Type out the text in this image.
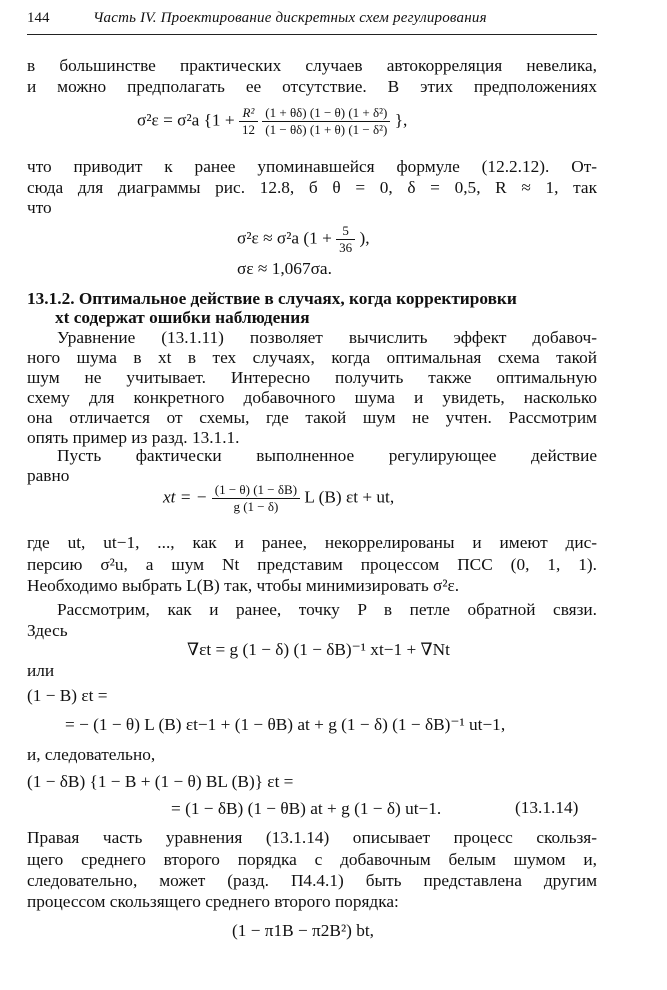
144	Часть IV. Проектирование дискретных схем регулирования
в большинстве практических случаев автокорреляция невелика,
и можно предполагать ее отсутствие. В этих предположениях
σ²ε = σ²a {$1 + \frac{\text{R²}}{12}$
$\frac{\text{(1 + θδ) (1 − θ) (1 + δ²)}}{\text{(1 − θδ) (1 + θ) (1 − δ²)}}$ },
что приводит к ранее упоминавшейся формуле (12.2.12). От-
сюда для диаграммы рис. 12.8, б θ = 0, δ = 0,5, R ≈ 1, так
что
σ²ε ≈ σ²a ($1 + \frac{5}{36}$ ),
σε ≈ 1,067σa.
13.1.2. Оптимальное действие в случаях, когда корректировки
xt содержат ошибки наблюдения
Уравнение (13.1.11) позволяет вычислить эффект добавоч-
ного шума в xt в тех случаях, когда оптимальная схема такой
шум не учитывает. Интересно получить также оптимальную
схему для конкретного добавочного шума и увидеть, насколько
она отличается от схемы, где такой шум не учтен. Рассмотрим
опять пример из разд. 13.1.1.
Пусть фактически выполненное регулирующее действие
равно
xt = − $\frac{(1 - \theta) (1 - \delta B)}{g (1 - \delta)}$ L (B) εt + ut,
где ut, ut−1, ..., как и ранее, некоррелированы и имеют дис-
персию σ²u, а шум Nt представим процессом ПСС (0, 1, 1).
Необходимо выбрать L(B) так, чтобы минимизировать σ²ε.
Рассмотрим, как и ранее, точку P в петле обратной связи.
Здесь
∇εt = g (1 − δ) (1 − δB)⁻¹ xt−1 + ∇Nt
или
(1 − B) εt =
= − (1 − θ) L (B) εt−1 + (1 − θB) at + g (1 − δ) (1 − δB)⁻¹ ut−1,
и, следовательно,
(1 − δB) {1 − B + (1 − θ) BL (B)} εt =
= (1 − δB) (1 − θB) at + g (1 − δ) ut−1.	(13.1.14)
Правая часть уравнения (13.1.14) описывает процесс скользя-
щего среднего второго порядка с добавочным белым шумом и,
следовательно, может (разд. П4.4.1) быть представлена другим
процессом скользящего среднего второго порядка:
(1 − π1B − π2B²) bt,
